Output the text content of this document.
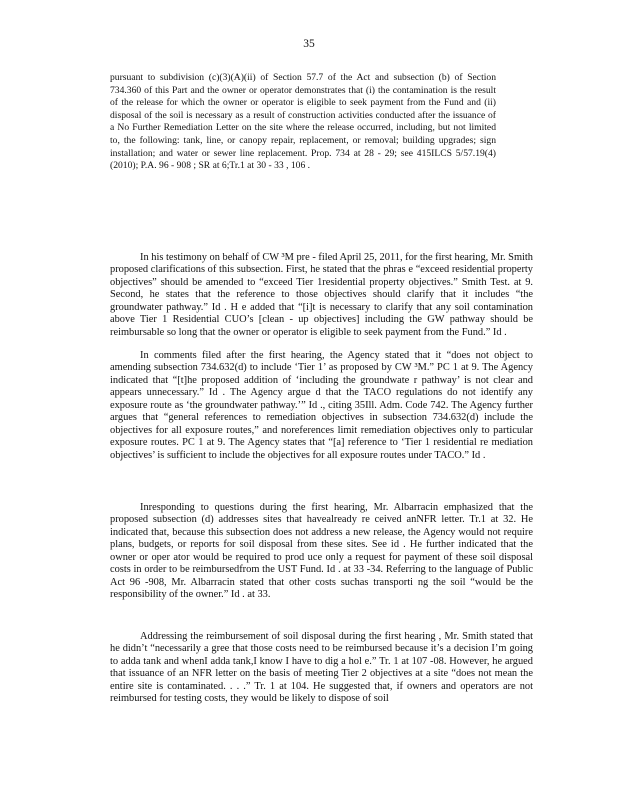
35

pursuant to subdivision (c)(3)(A)(ii) of Section 57.7 of the Act and subsection (b) of Section 734.360 of this Part and the owner or operator demonstrates that (i) the contamination is the result of the release for which the owner or operator is eligible to seek payment from the Fund and (ii) disposal of the soil is necessary as a result of construction activities conducted after the issuance of a No Further Remediation Letter on the site where the release occurred, including, but not limited to, the following: tank, line, or canopy repair, replacement, or removal; building upgrades; sign installation; and water or sewer line replacement. Prop. 734 at 28 - 29; see 415ILCS 5/57.19(4) (2010); P.A. 96 - 908 ; SR at 6;Tr.1 at 30 - 33 , 106 .

In his testimony on behalf of CW ³M pre - filed April 25, 2011, for the first hearing, Mr. Smith proposed clarifications of this subsection. First, he stated that the phras e “exceed residential property objectives” should be amended to “exceed Tier 1residential property objectives.” Smith Test. at 9. Second, he states that the reference to those objectives should clarify that it includes “the groundwater pathway.” Id . H e added that “[i]t is necessary to clarify that any soil contamination above Tier 1 Residential CUO’s [clean - up objectives] including the GW pathway should be reimbursable so long that the owner or operator is eligible to seek payment from the Fund.” Id .

In comments filed after the first hearing, the Agency stated that it “does not object to amending subsection 734.632(d) to include ‘Tier 1’ as proposed by CW ³M.” PC 1 at 9. The Agency indicated that “[t]he proposed addition of ‘including the groundwate r pathway’ is not clear and appears unnecessary.” Id . The Agency argue d that the TACO regulations do not identify any exposure route as ‘the groundwater pathway.’” Id ., citing 35Ill. Adm. Code 742. The Agency further argues that “general references to remediation objectives in subsection 734.632(d) include the objectives for all exposure routes,” and noreferences limit remediation objectives only to particular exposure routes. PC 1 at 9. The Agency states that “[a] reference to ‘Tier 1 residential re mediation objectives’ is sufficient to include the objectives for all exposure routes under TACO.” Id .

Inresponding to questions during the first hearing, Mr. Albarracin emphasized that the proposed subsection (d) addresses sites that havealready re ceived anNFR letter. Tr.1 at 32. He indicated that, because this subsection does not address a new release, the Agency would not require plans, budgets, or reports for soil disposal from these sites. See id . He further indicated that the owner or oper ator would be required to prod uce only a request for payment of these soil disposal costs in order to be reimbursedfrom the UST Fund. Id . at 33 -34. Referring to the language of Public Act 96 -908, Mr. Albarracin stated that other costs suchas transporti ng the soil “would be the responsibility of the owner.” Id . at 33.

Addressing the reimbursement of soil disposal during the first hearing , Mr. Smith stated that he didn’t “necessarily a gree that those costs need to be reimbursed because it’s a decision I’m going to adda tank and whenI adda tank,I know I have to dig a hol e.” Tr. 1 at 107 -08. However, he argued that issuance of an NFR letter on the basis of meeting Tier 2 objectives at a site “does not mean the entire site is contaminated. . . .” Tr. 1 at 104. He suggested that, if owners and operators are not reimbursed for testing costs, they would be likely to dispose of soil
